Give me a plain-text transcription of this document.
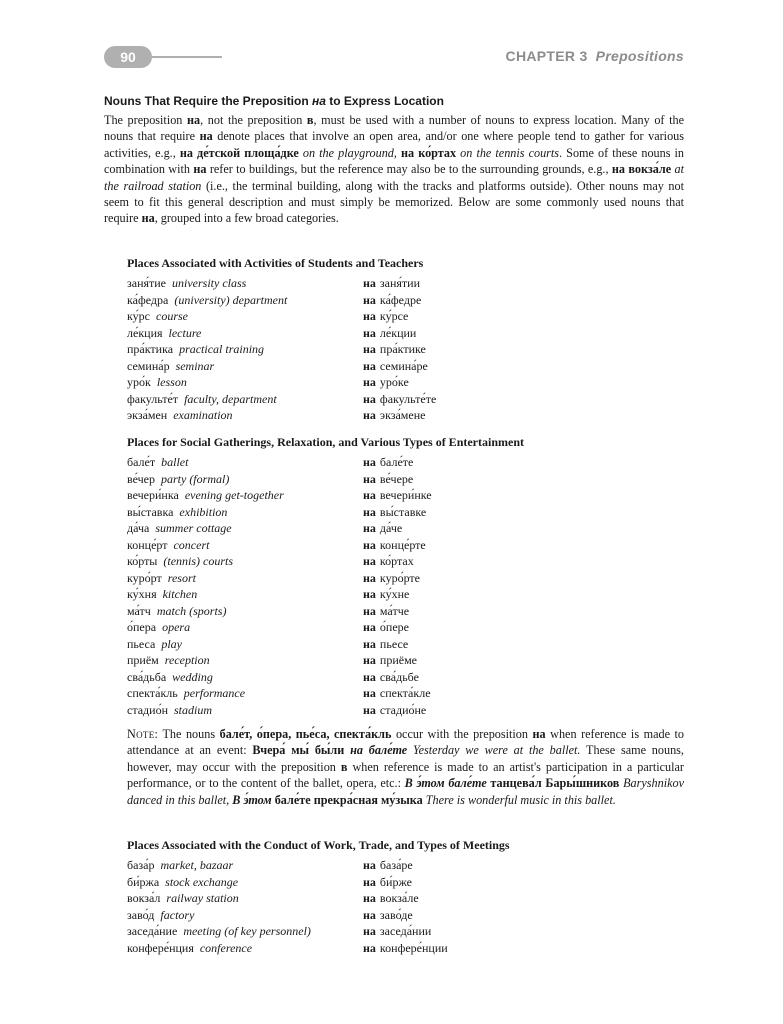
90	CHAPTER 3 Prepositions
Nouns That Require the Preposition на to Express Location

The preposition на, not the preposition в, must be used with a number of nouns to express location. Many of the nouns that require на denote places that involve an open area, and/or one where people tend to gather for various activities, e.g., на де́тской площа́дке on the playground, на ко́ртах on the tennis courts. Some of these nouns in combination with на refer to buildings, but the reference may also be to the surrounding grounds, e.g., на вокза́ле at the railroad station (i.e., the terminal building, along with the tracks and platforms outside). Other nouns may not seem to fit this general description and must simply be memorized. Below are some commonly used nouns that require на, grouped into a few broad categories.

Places Associated with Activities of Students and Teachers
заня́тие university class	на заня́тии
ка́федра (university) department	на ка́федре
ку́рс course	на ку́рсе
ле́кция lecture	на ле́кции
пра́ктика practical training	на пра́ктике
семина́р seminar	на семина́ре
уро́к lesson	на уро́ке
факульте́т faculty, department	на факульте́те
экза́мен examination	на экза́мене
Places for Social Gatherings, Relaxation, and Various Types of Entertainment
бале́т ballet	на бале́те
ве́чер party (formal)	на ве́чере
вечери́нка evening get-together	на вечери́нке
вы́ставка exhibition	на вы́ставке
да́ча summer cottage	на да́че
конце́рт concert	на конце́рте
ко́рты (tennis) courts	на ко́ртах
куро́рт resort	на куро́рте
ку́хня kitchen	на ку́хне
ма́тч match (sports)	на ма́тче
о́пера opera	на о́пере
пьеса play	на пьесе
приём reception	на приёме
сва́дьба wedding	на сва́дьбе
спекта́кль performance	на спекта́кле
стадио́н stadium	на стадио́не

Note: The nouns бале́т, о́пера, пье́са, спекта́кль occur with the preposition на when reference is made to attendance at an event: Вчера́ мы́ бы́ли на бале́те Yesterday we were at the ballet. These same nouns, however, may occur with the preposition в when reference is made to an artist's participation in a particular performance, or to the content of the ballet, opera, etc.: В э́том бале́те танцева́л Бары́шников Baryshnikov danced in this ballet, В э́том бале́те прекра́сная му́зыка There is wonderful music in this ballet.

Places Associated with the Conduct of Work, Trade, and Types of Meetings
база́р market, bazaar	на база́ре
би́ржа stock exchange	на би́рже
вокза́л railway station	на вокза́ле
заво́д factory	на заво́де
заседа́ние meeting (of key personnel)	на заседа́нии
конфере́нция conference	на конфере́нции
